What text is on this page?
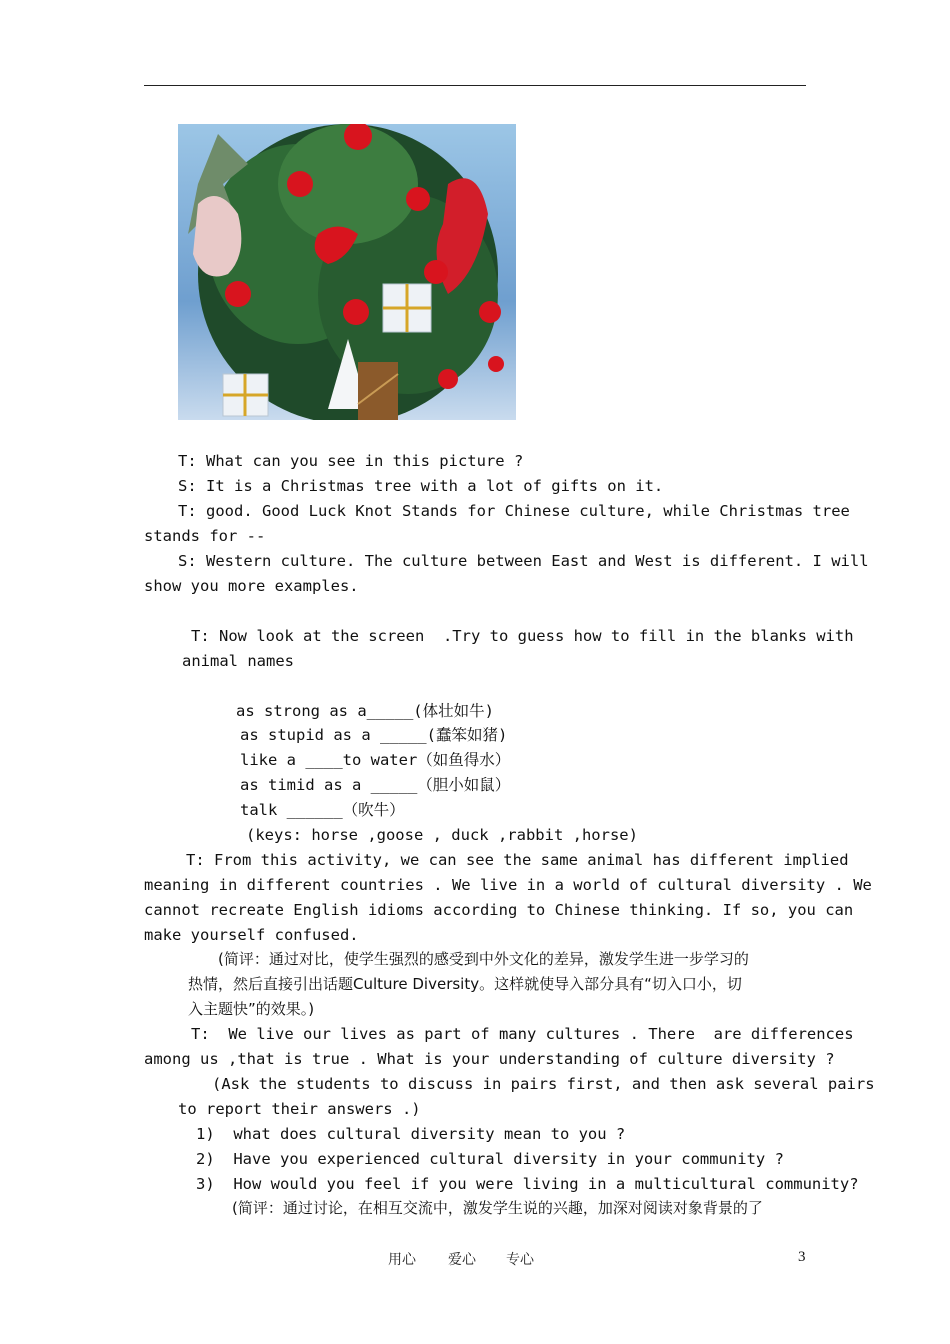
T: What can you see in this picture ?
S: It is a Christmas tree with a lot of gifts on it.
T: good. Good Luck Knot Stands for Chinese culture, while Christmas tree
stands for --
S: Western culture. The culture between East and West is different. I will
show you more examples.
T: Now look at the screen  .Try to guess how to fill in the blanks with
animal names
as strong as a_____(体壮如牛)
as stupid as a _____(蠢笨如猪)
like a ____to water（如鱼得水）
as timid as a _____（胆小如鼠）
talk ______（吹牛）
(keys: horse ,goose , duck ,rabbit ,horse)
T: From this activity, we can see the same animal has different implied
meaning in different countries . We live in a world of cultural diversity . We
cannot recreate English idioms according to Chinese thinking. If so, you can
make yourself confused.
(简评：通过对比，使学生强烈的感受到中外文化的差异，激发学生进一步学习的
热情，然后直接引出话题Culture Diversity。这样就使导入部分具有“切入口小，切
入主题快”的效果。)
T:  We live our lives as part of many cultures . There  are differences
among us ,that is true . What is your understanding of culture diversity ?
(Ask the students to discuss in pairs first, and then ask several pairs
to report their answers .)
1)  what does cultural diversity mean to you ?
2)  Have you experienced cultural diversity in your community ?
3)  How would you feel if you were living in a multicultural community?
(简评：通过讨论，在相互交流中，激发学生说的兴趣，加深对阅读对象背景的了
用心 爱心 专心	3
